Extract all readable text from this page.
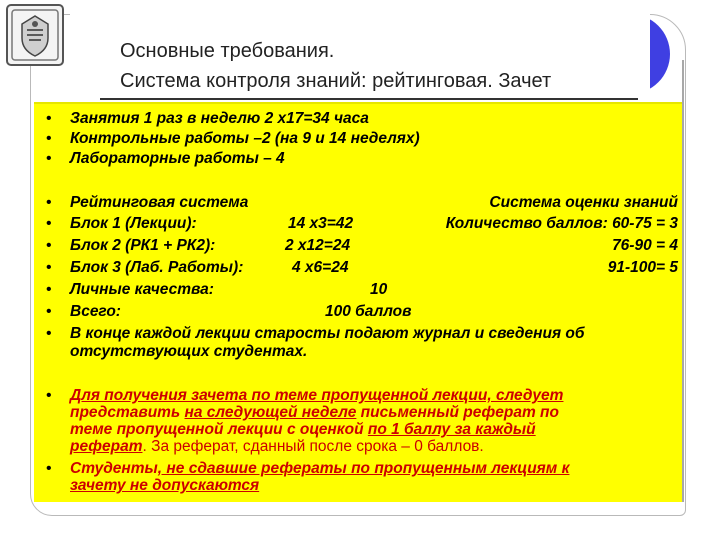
Основные требования.
Система контроля знаний: рейтинговая. Зачет
• Занятия 1 раз в неделю 2 х17=34 часа
• Контрольные работы –2 (на 9 и 14 неделях)
• Лабораторные работы – 4
• Рейтинговая система	Система оценки знаний
• Блок 1 (Лекции):	14 х3=42	Количество баллов: 60-75 = 3
• Блок 2 (РК1 + РК2):	2 х12=24	76-90 = 4
• Блок 3 (Лаб. Работы):	4 х6=24	91-100= 5
• Личные качества:	10
• Всего:	100 баллов
• В конце каждой лекции старосты подают журнал и сведения об
отсутствующих студентах.
• Для получения зачета по теме пропущенной лекции, следует
представить на следующей неделе письменный реферат по
теме пропущенной лекции с оценкой по 1 баллу за каждый
реферат. За реферат, сданный после срока – 0 баллов.
• Студенты, не сдавшие рефераты по пропущенным лекциям к
зачету не допускаются
